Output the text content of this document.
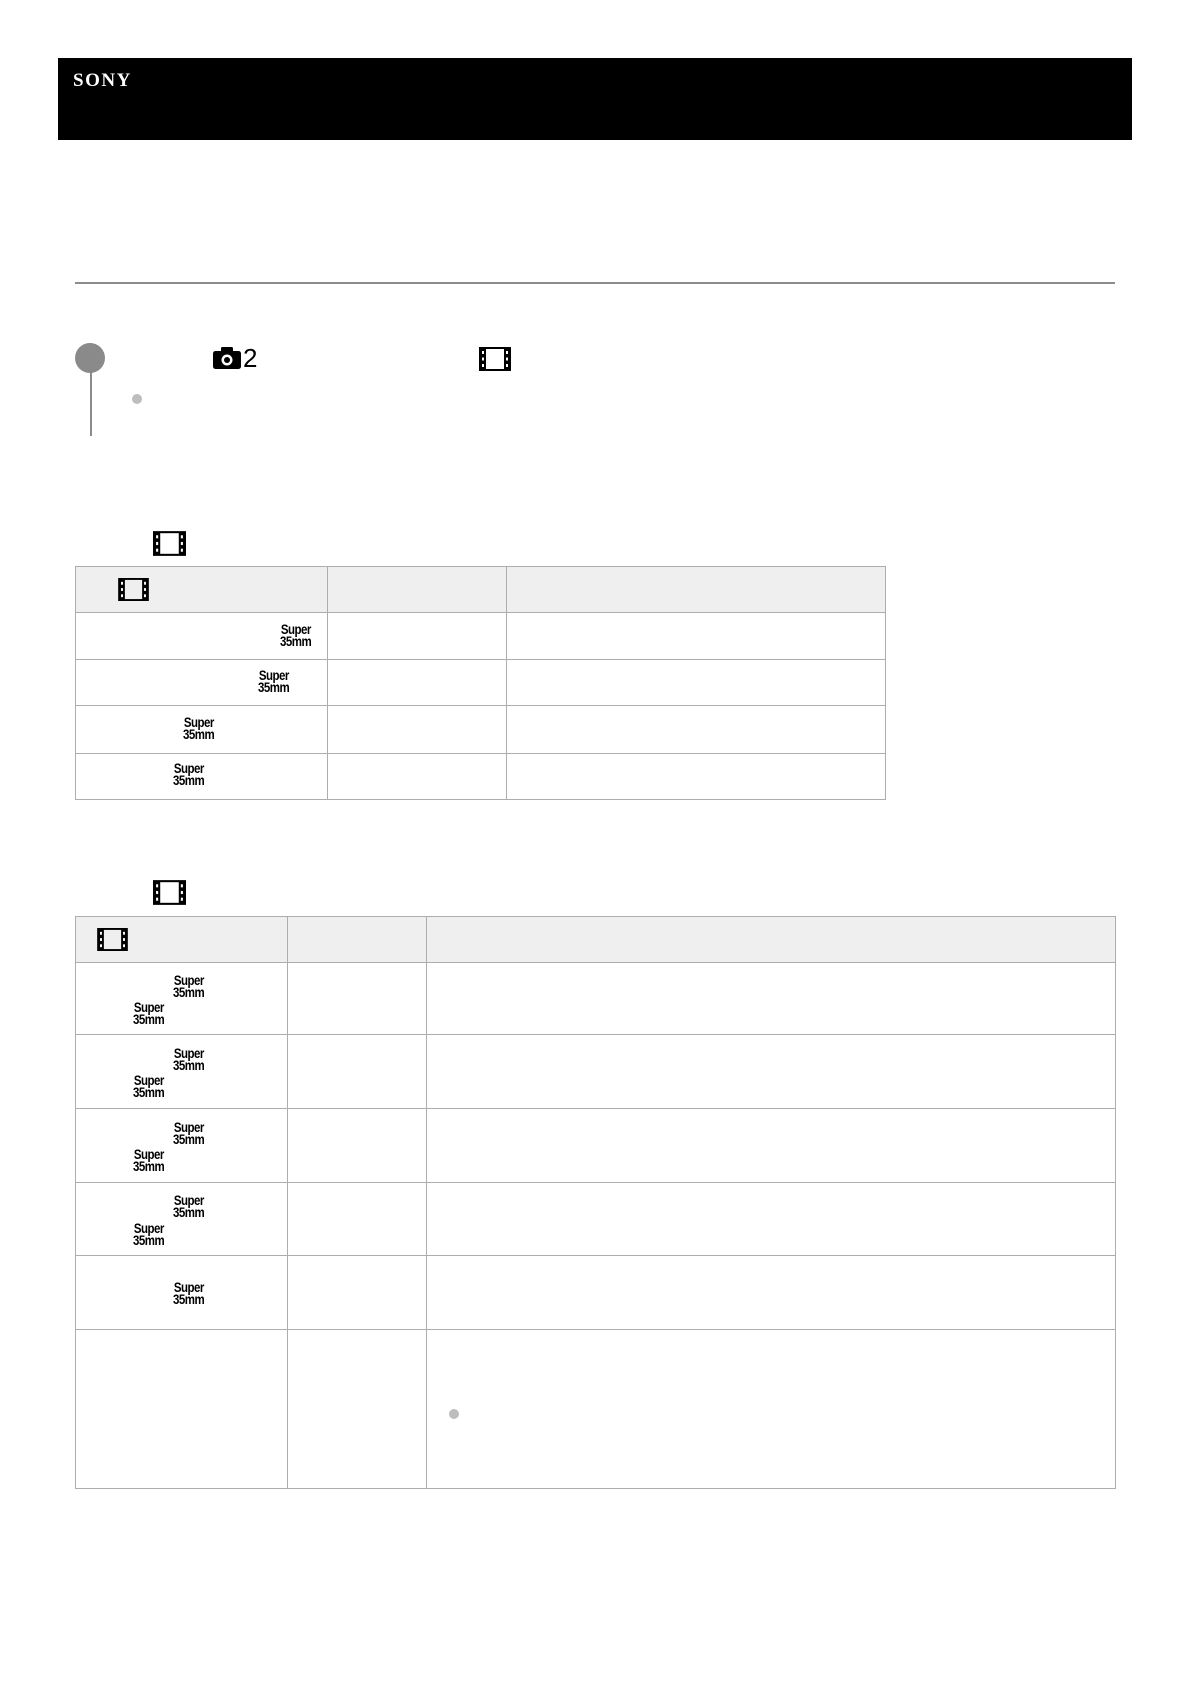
SONY
2

Super
35mm		

Super
35mm		

Super
35mm		

Super
35mm		

Super
35mm
Super
35mm		

Super
35mm
Super
35mm		

Super
35mm
Super
35mm		

Super
35mm
Super
35mm		

Super
35mm		
